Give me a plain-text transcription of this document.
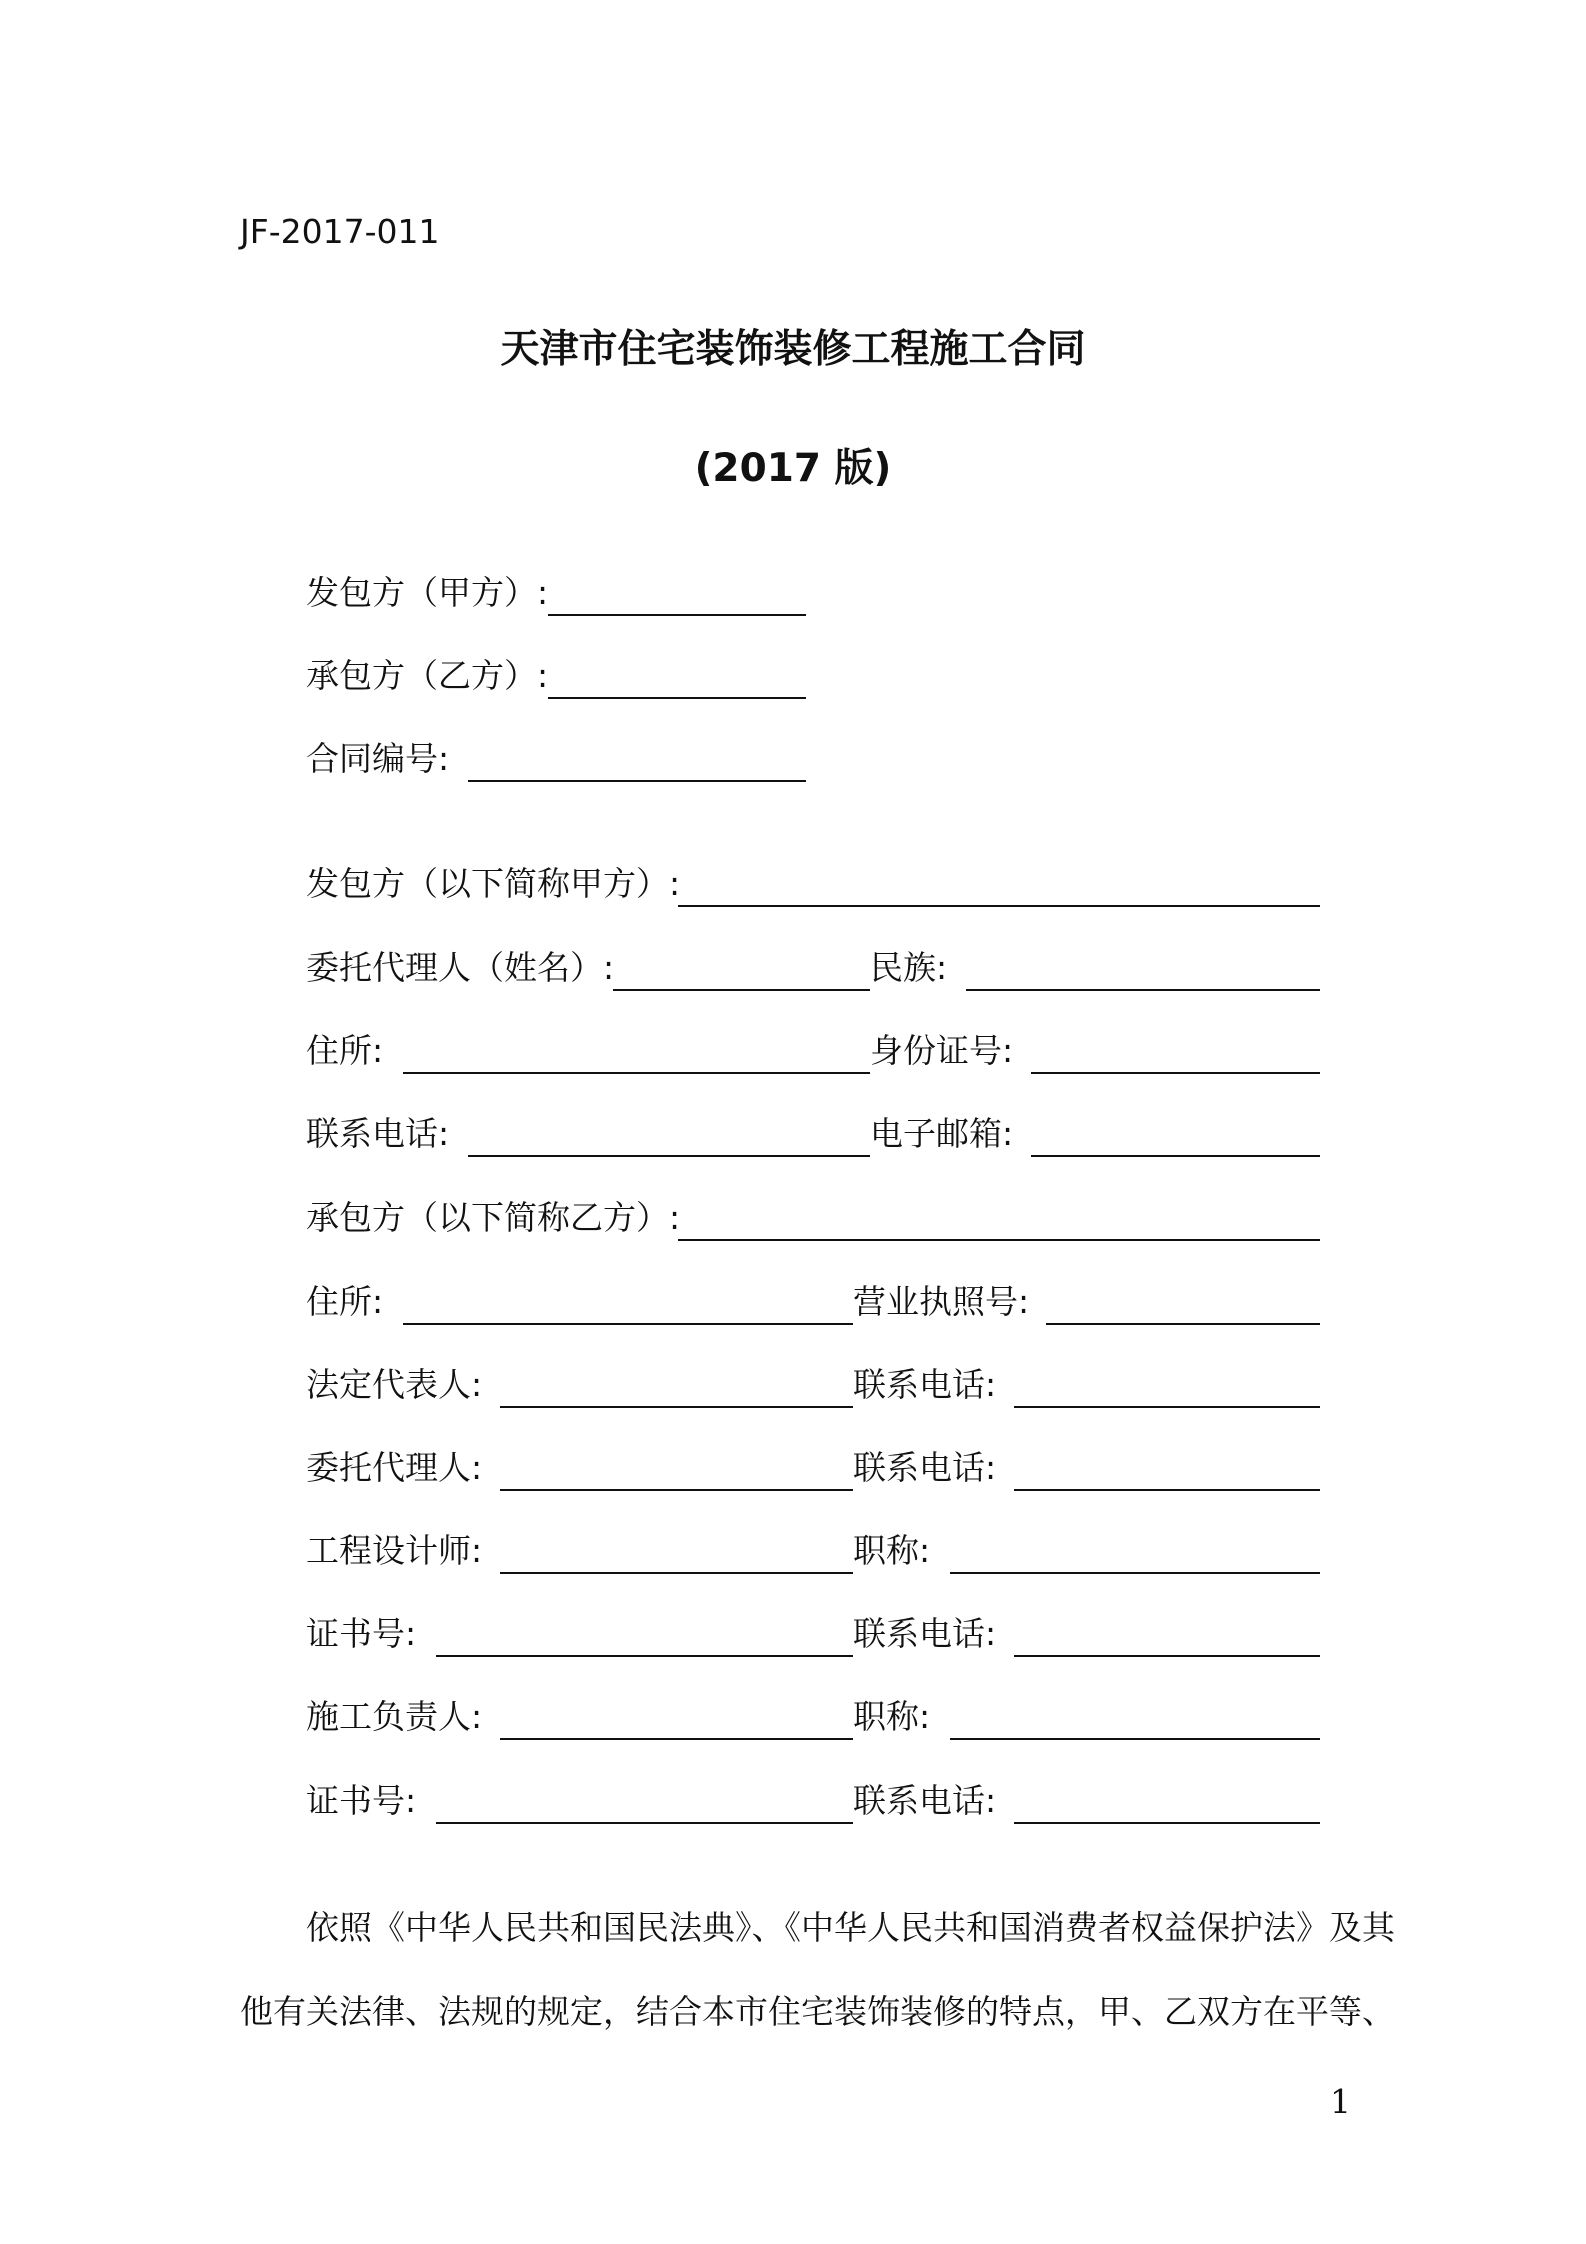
JF-2017-011
天津市住宅装饰装修工程施工合同
(2017 版)
发包方（甲方）:
承包方（乙方）:
合同编号:
发包方（以下简称甲方）:
委托代理人（姓名）:	民族:
住所:	身份证号:
联系电话:	电子邮箱:
承包方（以下简称乙方）:
住所:	营业执照号:
法定代表人:	联系电话:
委托代理人:	联系电话:
工程设计师:	职称:
证书号:	联系电话:
施工负责人:	职称:
证书号:	联系电话:
依照《中华人民共和国民法典》、《中华人民共和国消费者权益保护法》及其
他有关法律、法规的规定，结合本市住宅装饰装修的特点，甲、乙双方在平等、
1
